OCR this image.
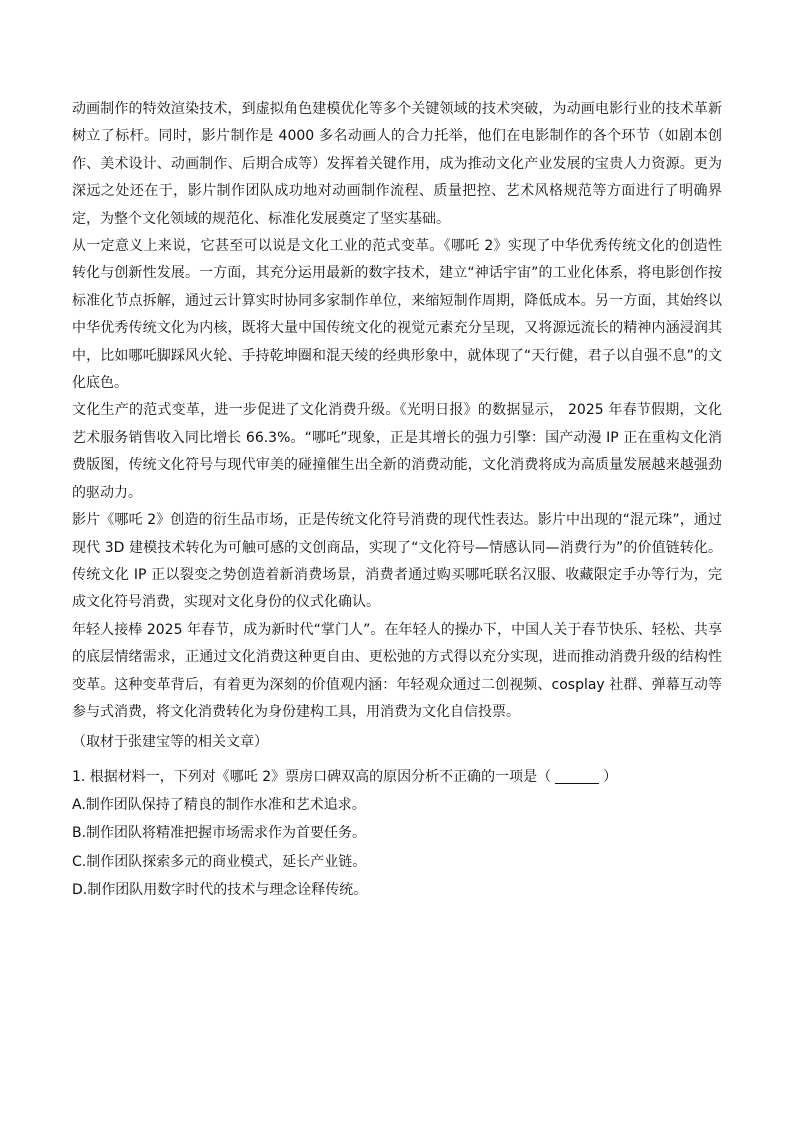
动画制作的特效渲染技术，到虚拟角色建模优化等多个关键领域的技术突破，为动画电影行业的技术革新树立了标杆。同时，影片制作是 4000 多名动画人的合力托举，他们在电影制作的各个环节（如剧本创作、美术设计、动画制作、后期合成等）发挥着关键作用，成为推动文化产业发展的宝贵人力资源。更为深远之处还在于，影片制作团队成功地对动画制作流程、质量把控、艺术风格规范等方面进行了明确界定，为整个文化领域的规范化、标准化发展奠定了坚实基础。

从一定意义上来说，它甚至可以说是文化工业的范式变革。《哪吒 2》实现了中华优秀传统文化的创造性转化与创新性发展。一方面，其充分运用最新的数字技术，建立“神话宇宙”的工业化体系，将电影创作按标准化节点拆解，通过云计算实时协同多家制作单位，来缩短制作周期，降低成本。另一方面，其始终以中华优秀传统文化为内核，既将大量中国传统文化的视觉元素充分呈现，又将源远流长的精神内涵浸润其中，比如哪吒脚踩风火轮、手持乾坤圈和混天绫的经典形象中，就体现了“天行健，君子以自强不息”的文化底色。

文化生产的范式变革，进一步促进了文化消费升级。《光明日报》的数据显示， 2025 年春节假期，文化艺术服务销售收入同比增长 66.3%。“哪吒”现象，正是其增长的强力引擎：国产动漫 IP 正在重构文化消费版图，传统文化符号与现代审美的碰撞催生出全新的消费动能，文化消费将成为高质量发展越来越强劲的驱动力。

影片《哪吒 2》创造的衍生品市场，正是传统文化符号消费的现代性表达。影片中出现的“混元珠”，通过现代 3D 建模技术转化为可触可感的文创商品，实现了“文化符号—情感认同—消费行为”的价值链转化。传统文化 IP 正以裂变之势创造着新消费场景，消费者通过购买哪吒联名汉服、收藏限定手办等行为，完成文化符号消费，实现对文化身份的仪式化确认。

年轻人接棒 2025 年春节，成为新时代“掌门人”。在年轻人的操办下，中国人关于春节快乐、轻松、共享的底层情绪需求，正通过文化消费这种更自由、更松弛的方式得以充分实现，进而推动消费升级的结构性变革。这种变革背后，有着更为深刻的价值观内涵：年轻观众通过二创视频、cosplay 社群、弹幕互动等参与式消费，将文化消费转化为身份建构工具，用消费为文化自信投票。

（取材于张建宝等的相关文章）

1. 根据材料一，下列对《哪吒 2》票房口碑双高的原因分析不正确的一项是（	）

A.制作团队保持了精良的制作水准和艺术追求。

B.制作团队将精准把握市场需求作为首要任务。

C.制作团队探索多元的商业模式，延长产业链。

D.制作团队用数字时代的技术与理念诠释传统。
